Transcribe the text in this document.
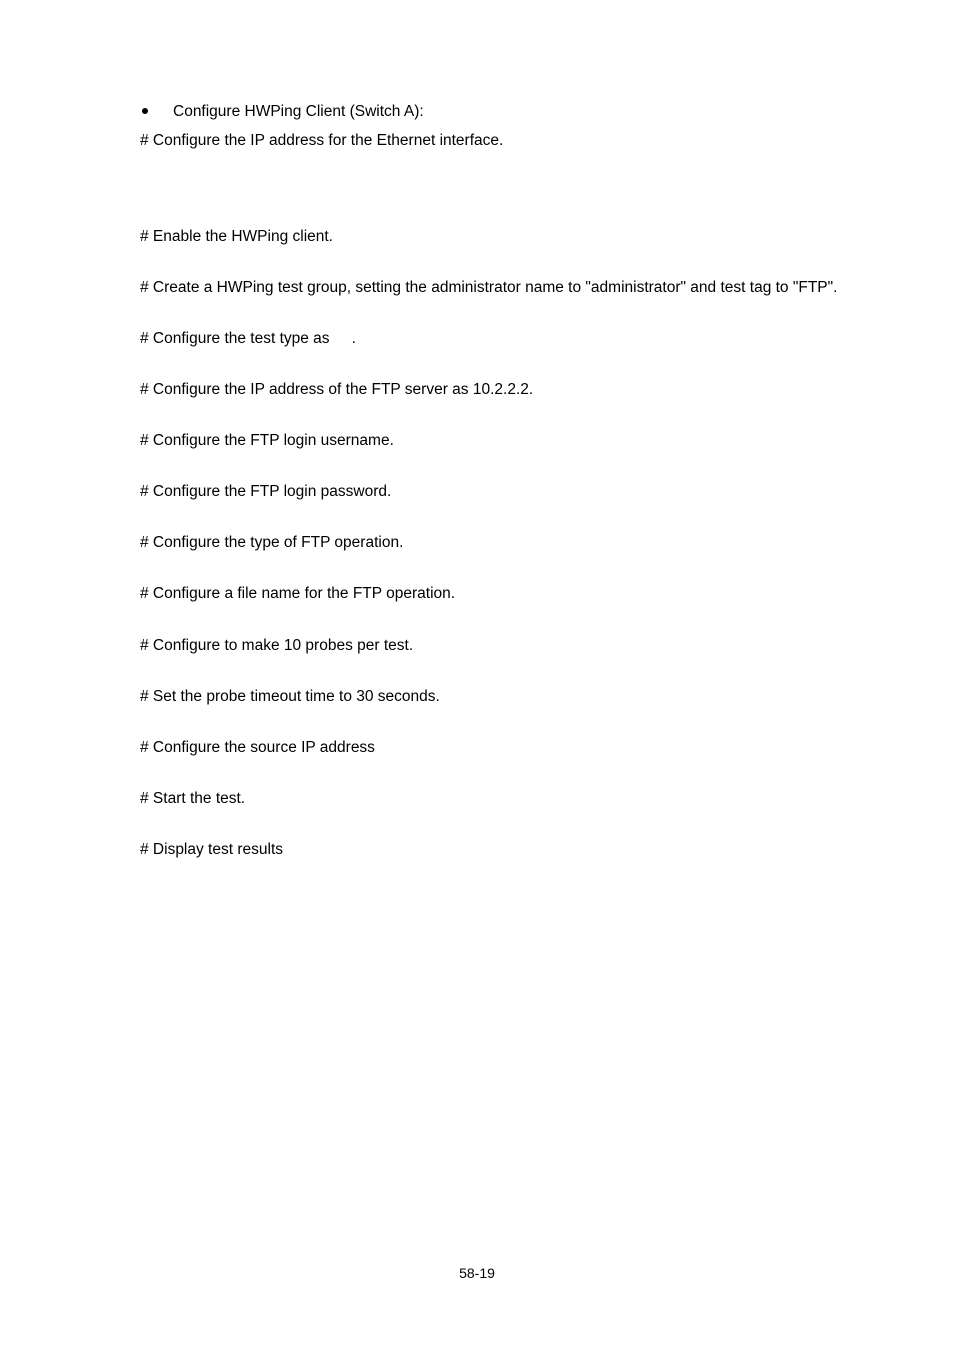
Configure HWPing Client (Switch A):
# Configure the IP address for the Ethernet interface.
# Enable the HWPing client.
# Create a HWPing test group, setting the administrator name to "administrator" and test tag to "FTP".
# Configure the test type as .
# Configure the IP address of the FTP server as 10.2.2.2.
# Configure the FTP login username.
# Configure the FTP login password.
# Configure the type of FTP operation.
# Configure a file name for the FTP operation.
# Configure to make 10 probes per test.
# Set the probe timeout time to 30 seconds.
# Configure the source IP address
# Start the test.
# Display test results
58-19
